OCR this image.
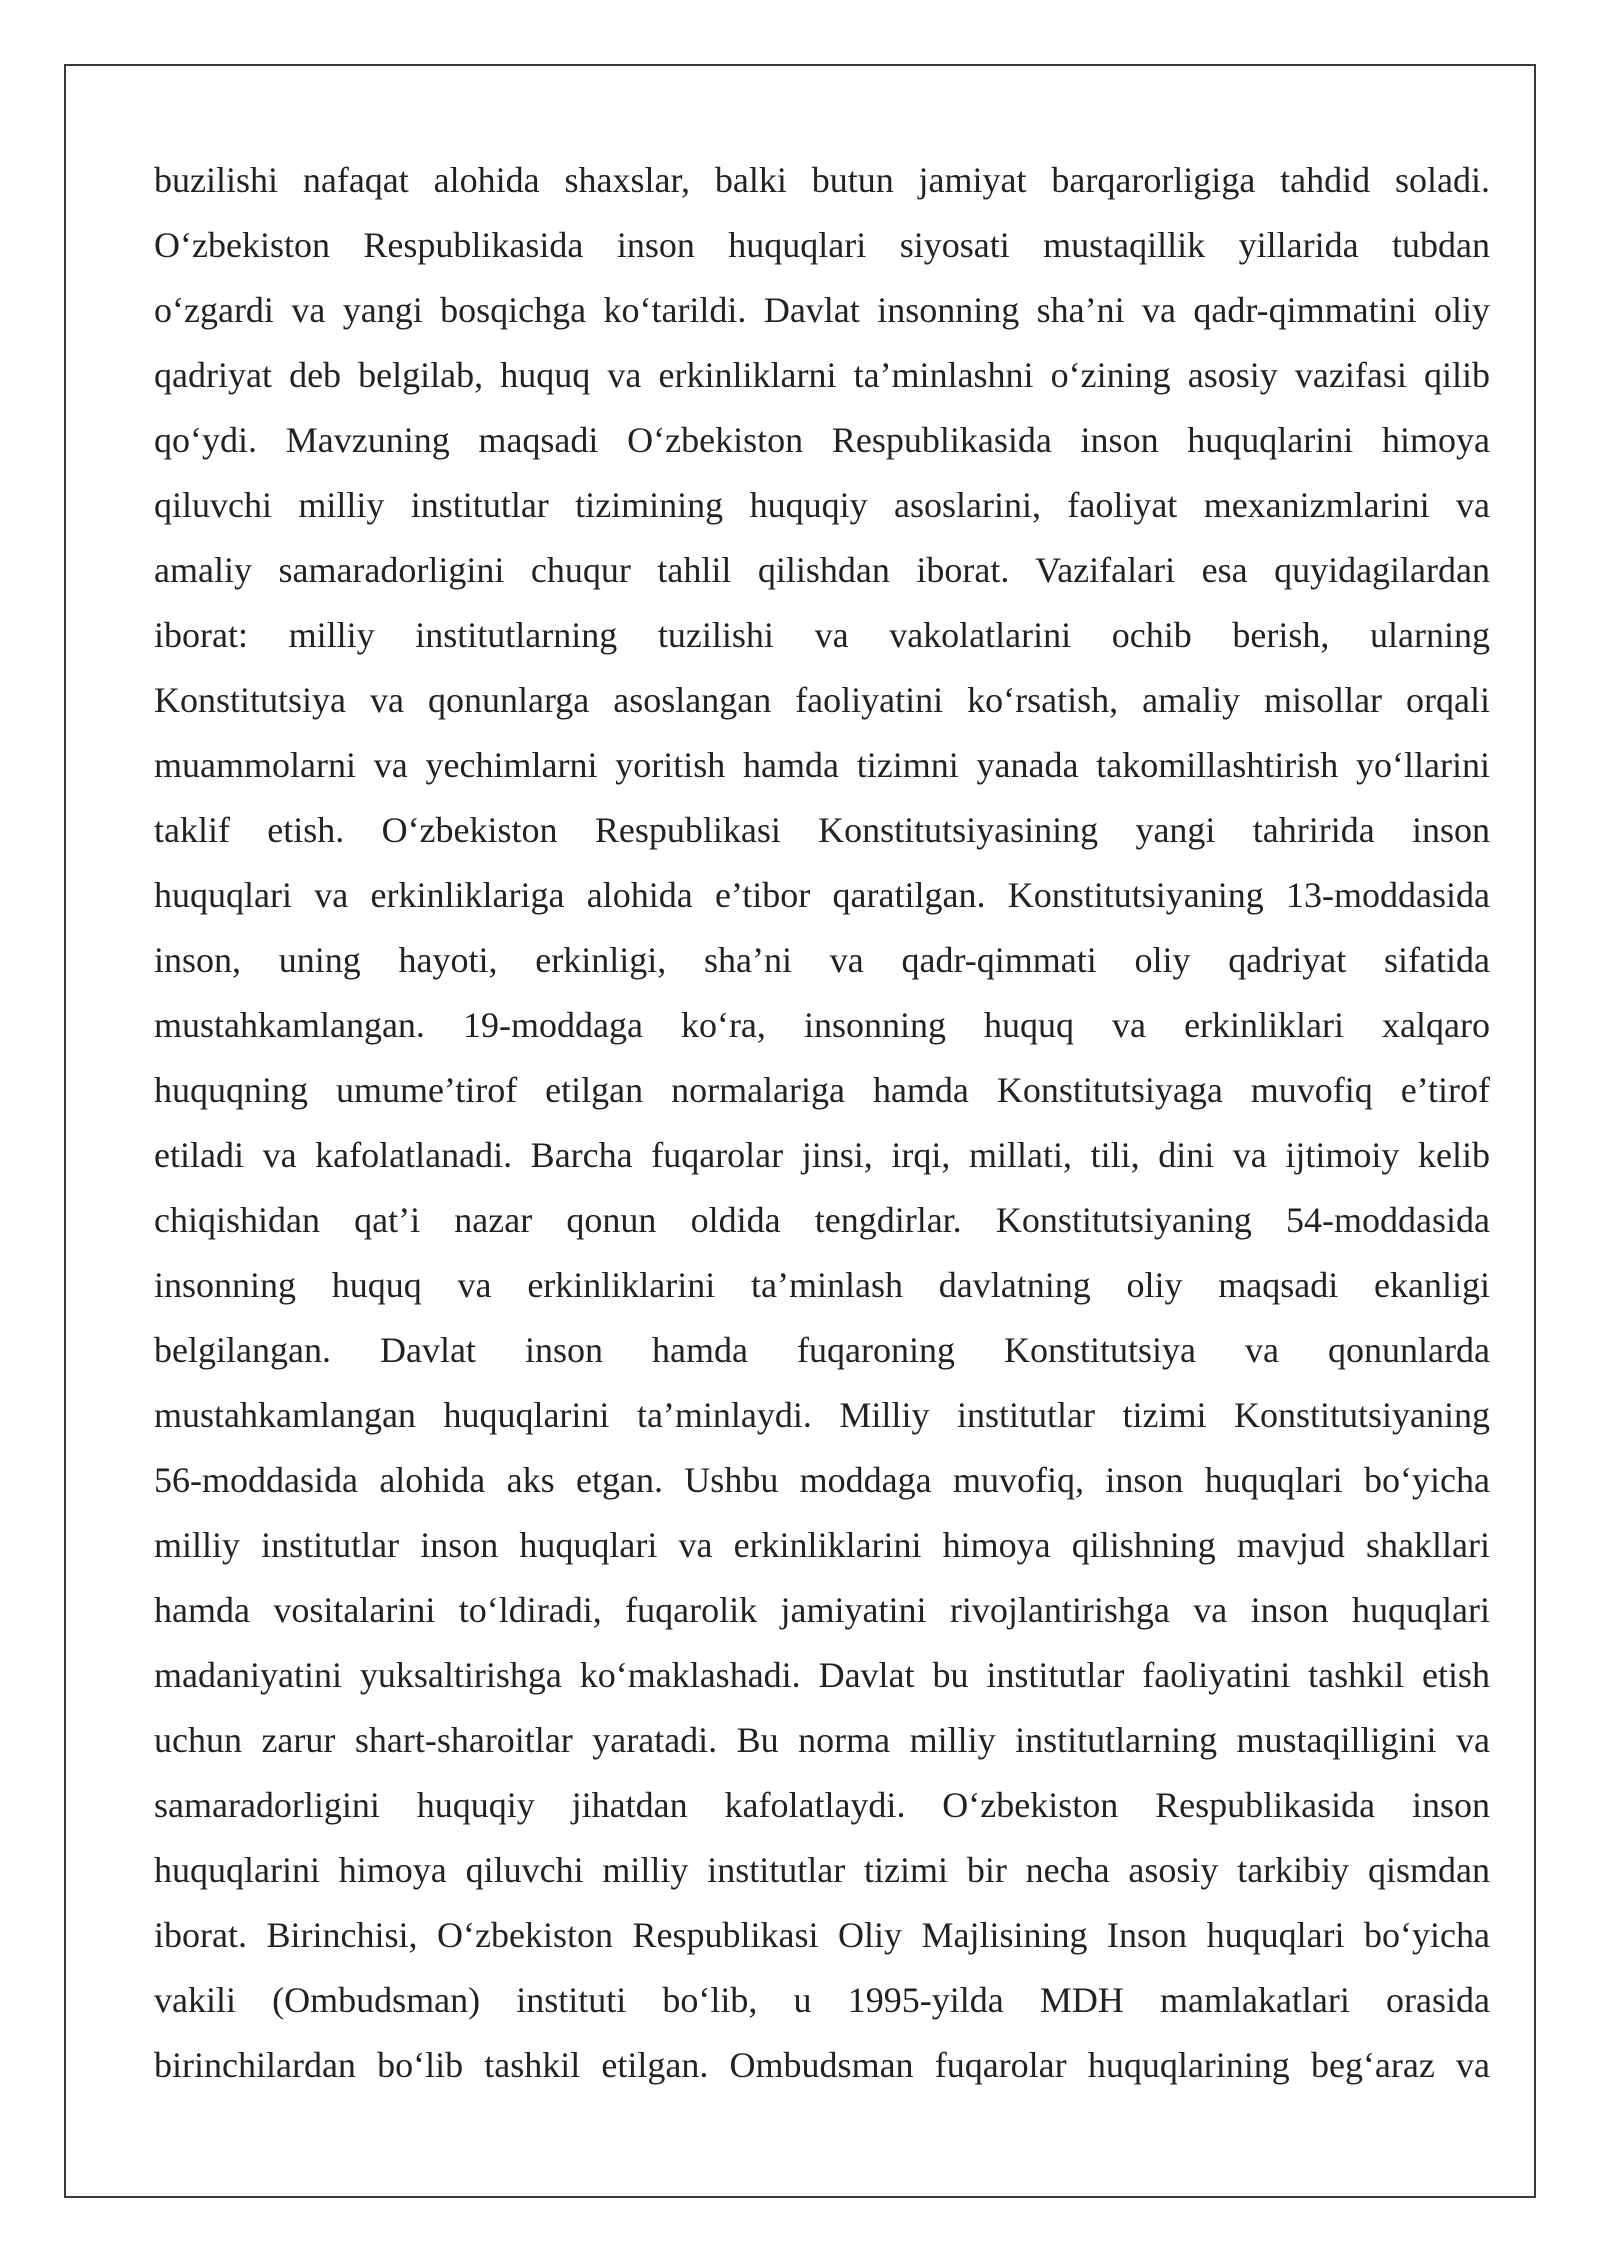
buzilishi nafaqat alohida shaxslar, balki butun jamiyat barqarorligiga tahdid soladi.
O‘zbekiston Respublikasida inson huquqlari siyosati mustaqillik yillarida tubdan
o‘zgardi va yangi bosqichga ko‘tarildi. Davlat insonning sha’ni va qadr-qimmatini oliy
qadriyat deb belgilab, huquq va erkinliklarni ta’minlashni o‘zining asosiy vazifasi qilib
qo‘ydi. Mavzuning maqsadi O‘zbekiston Respublikasida inson huquqlarini himoya
qiluvchi milliy institutlar tizimining huquqiy asoslarini, faoliyat mexanizmlarini va
amaliy samaradorligini chuqur tahlil qilishdan iborat. Vazifalari esa quyidagilardan
iborat: milliy institutlarning tuzilishi va vakolatlarini ochib berish, ularning
Konstitutsiya va qonunlarga asoslangan faoliyatini ko‘rsatish, amaliy misollar orqali
muammolarni va yechimlarni yoritish hamda tizimni yanada takomillashtirish yo‘llarini
taklif etish. O‘zbekiston Respublikasi Konstitutsiyasining yangi tahririda inson
huquqlari va erkinliklariga alohida e’tibor qaratilgan. Konstitutsiyaning 13-moddasida
inson, uning hayoti, erkinligi, sha’ni va qadr-qimmati oliy qadriyat sifatida
mustahkamlangan. 19-moddaga ko‘ra, insonning huquq va erkinliklari xalqaro
huquqning umume’tirof etilgan normalariga hamda Konstitutsiyaga muvofiq e’tirof
etiladi va kafolatlanadi. Barcha fuqarolar jinsi, irqi, millati, tili, dini va ijtimoiy kelib
chiqishidan qat’i nazar qonun oldida tengdirlar. Konstitutsiyaning 54-moddasida
insonning huquq va erkinliklarini ta’minlash davlatning oliy maqsadi ekanligi
belgilangan. Davlat inson hamda fuqaroning Konstitutsiya va qonunlarda
mustahkamlangan huquqlarini ta’minlaydi. Milliy institutlar tizimi Konstitutsiyaning
56-moddasida alohida aks etgan. Ushbu moddaga muvofiq, inson huquqlari bo‘yicha
milliy institutlar inson huquqlari va erkinliklarini himoya qilishning mavjud shakllari
hamda vositalarini to‘ldiradi, fuqarolik jamiyatini rivojlantirishga va inson huquqlari
madaniyatini yuksaltirishga ko‘maklashadi. Davlat bu institutlar faoliyatini tashkil etish
uchun zarur shart-sharoitlar yaratadi. Bu norma milliy institutlarning mustaqilligini va
samaradorligini huquqiy jihatdan kafolatlaydi. O‘zbekiston Respublikasida inson
huquqlarini himoya qiluvchi milliy institutlar tizimi bir necha asosiy tarkibiy qismdan
iborat. Birinchisi, O‘zbekiston Respublikasi Oliy Majlisining Inson huquqlari bo‘yicha
vakili (Ombudsman) instituti bo‘lib, u 1995-yilda MDH mamlakatlari orasida
birinchilardan bo‘lib tashkil etilgan. Ombudsman fuqarolar huquqlarining beg‘araz va
